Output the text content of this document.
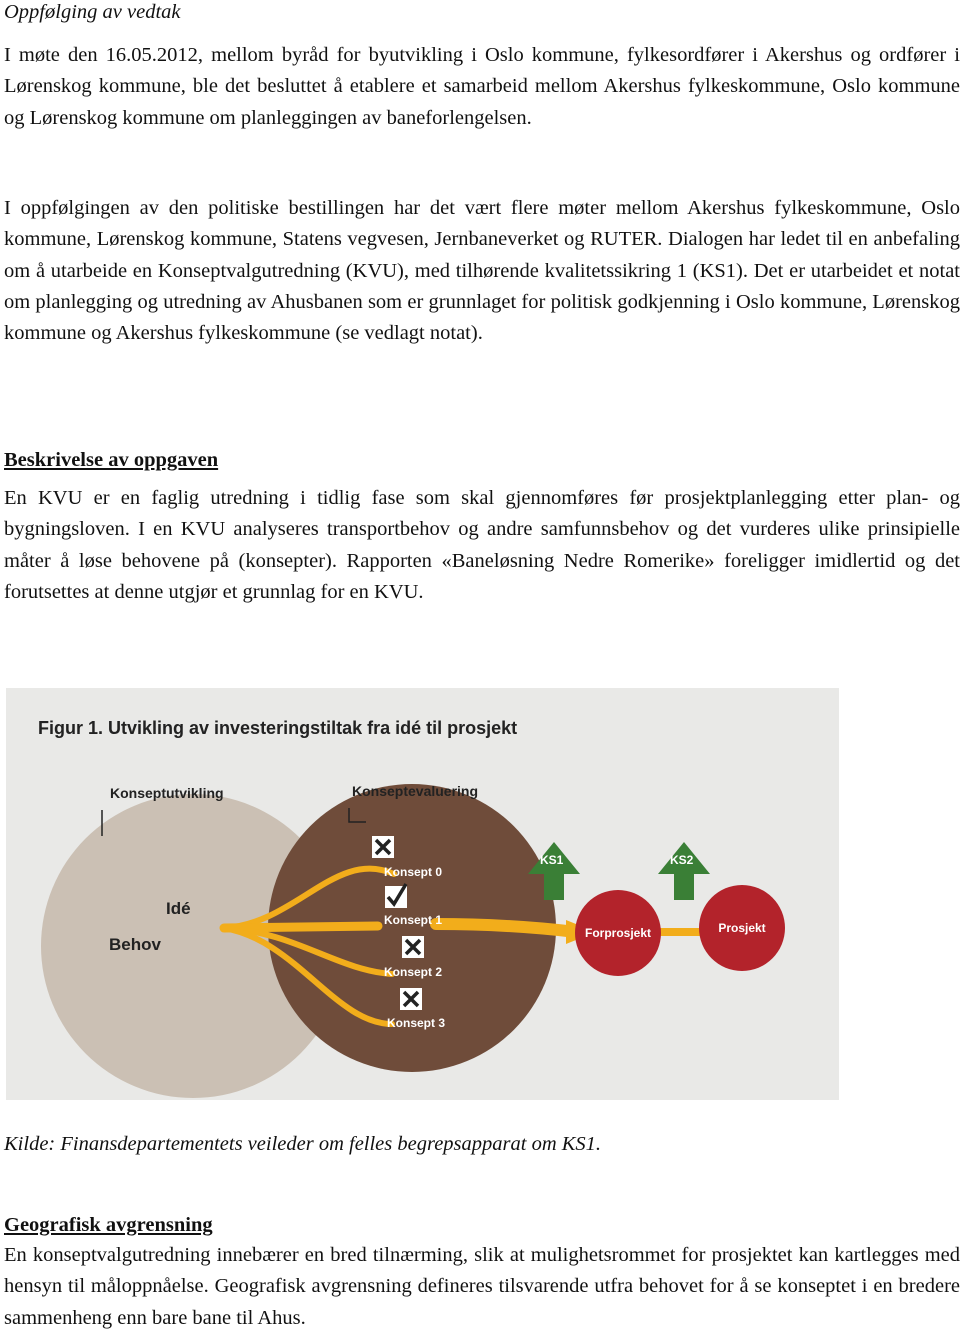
Oppfølging av vedtak

I møte den 16.05.2012, mellom byråd for byutvikling i Oslo kommune, fylkesordfører i Akershus og ordfører i Lørenskog kommune, ble det besluttet å etablere et samarbeid mellom Akershus fylkeskommune, Oslo kommune og Lørenskog kommune om planleggingen av baneforlengelsen.

I oppfølgingen av den politiske bestillingen har det vært flere møter mellom Akershus fylkeskommune, Oslo kommune, Lørenskog kommune, Statens vegvesen, Jernbaneverket og RUTER. Dialogen har ledet til en anbefaling om å utarbeide en Konseptvalgutredning (KVU), med tilhørende kvalitetssikring 1 (KS1). Det er utarbeidet et notat om planlegging og utredning av Ahusbanen som er grunnlaget for politisk godkjenning i Oslo kommune, Lørenskog kommune og Akershus fylkeskommune (se vedlagt notat).

Beskrivelse av oppgaven

En KVU er en faglig utredning i tidlig fase som skal gjennomføres før prosjektplanlegging etter plan- og bygningsloven. I en KVU analyseres transportbehov og andre samfunnsbehov og det vurderes ulike prinsipielle måter å løse behovene på (konsepter). Rapporten «Baneløsning Nedre Romerike» foreligger imidlertid og det forutsettes at denne utgjør et grunnlag for en KVU.

Figur 1. Utvikling av investeringstiltak fra idé til prosjekt
Konseptutvikling	Konseptevaluering
Idé
Behov
Konsept 0
Konsept 1
Konsept 2
Konsept 3
KS1	KS2
Forprosjekt	Prosjekt

Kilde: Finansdepartementets veileder om felles begrepsapparat om KS1.

Geografisk avgrensning

En konseptvalgutredning innebærer en bred tilnærming, slik at mulighetsrommet for prosjektet kan kartlegges med hensyn til måloppnåelse. Geografisk avgrensning defineres tilsvarende utfra behovet for å se konseptet i en bredere sammenheng enn bare bane til Ahus.
